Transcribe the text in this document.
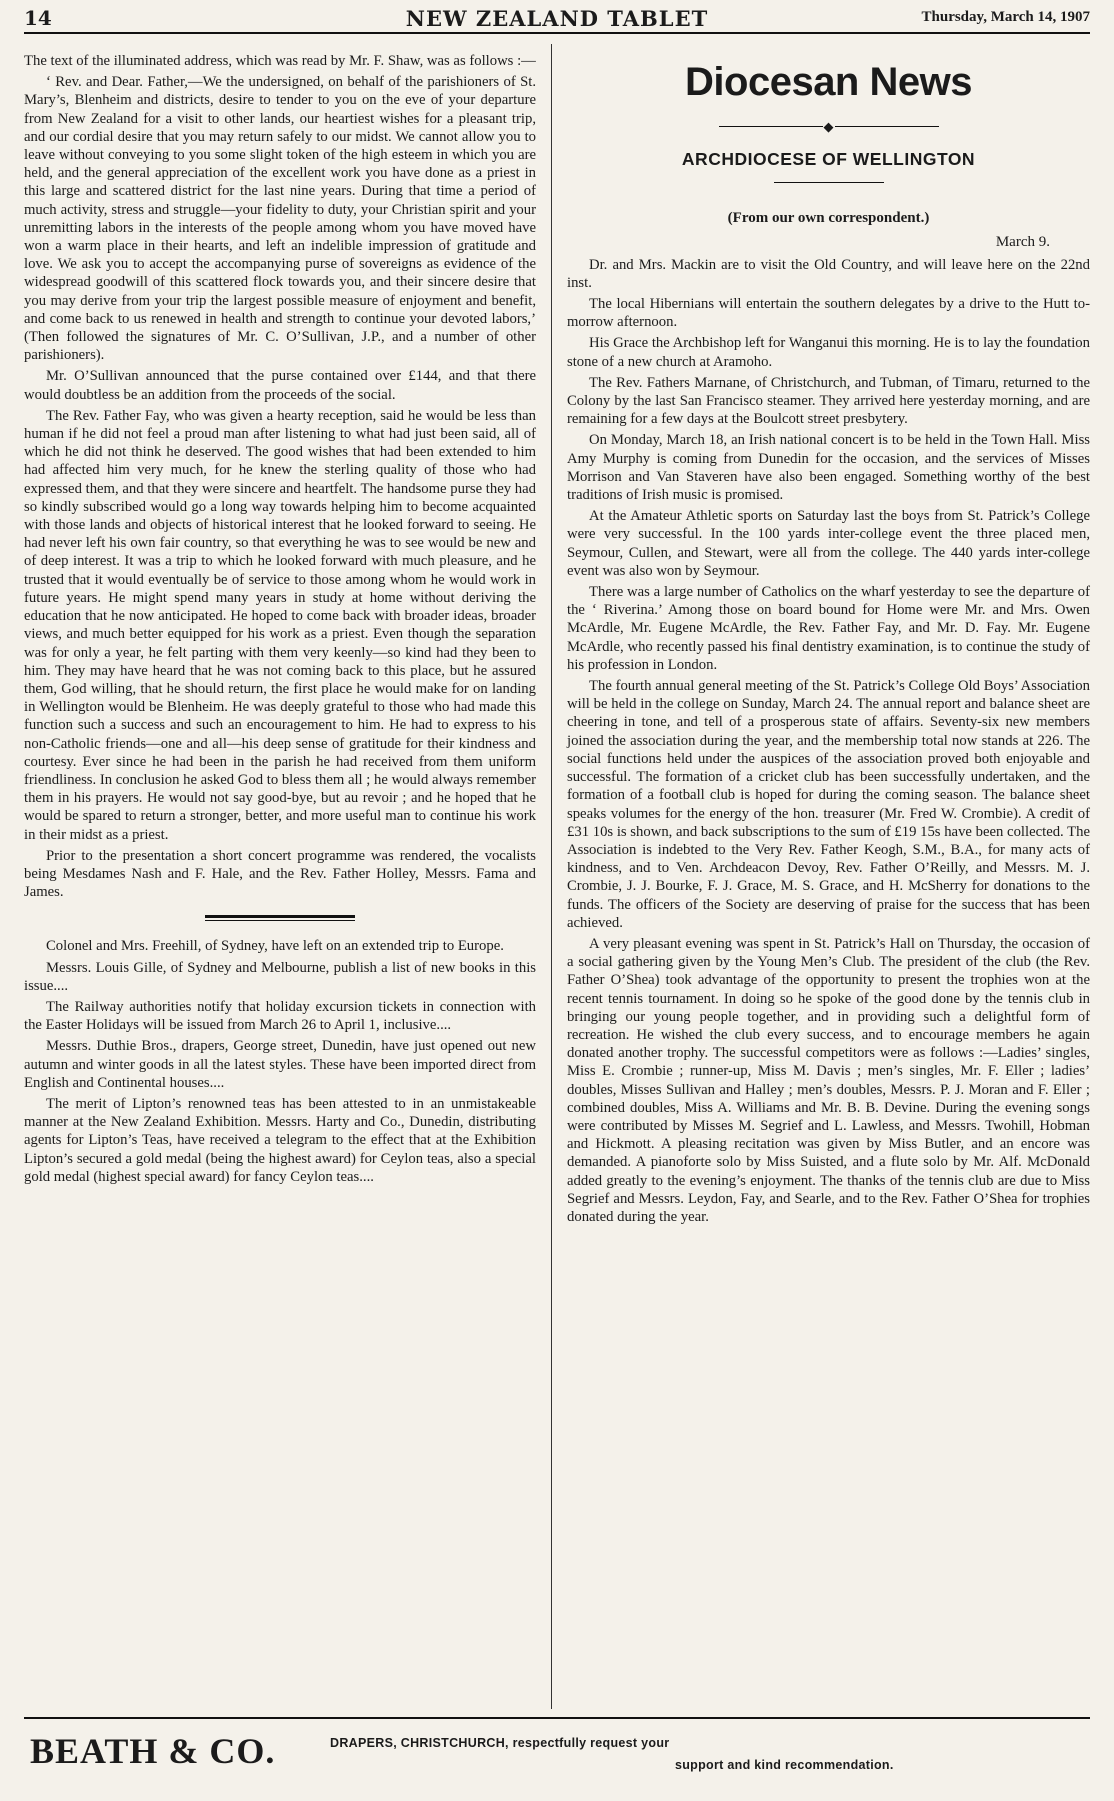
14	NEW ZEALAND TABLET	Thursday, March 14, 1907

The text of the illuminated address, which was read by Mr. F. Shaw, was as follows :—

‘ Rev. and Dear. Father,—We the undersigned, on behalf of the parishioners of St. Mary’s, Blenheim and districts, desire to tender to you on the eve of your departure from New Zealand for a visit to other lands, our heartiest wishes for a pleasant trip, and our cordial desire that you may return safely to our midst. We cannot allow you to leave without conveying to you some slight token of the high esteem in which you are held, and the general appreciation of the excellent work you have done as a priest in this large and scattered district for the last nine years. During that time a period of much activity, stress and struggle—your fidelity to duty, your Christian spirit and your unremitting labors in the interests of the people among whom you have moved have won a warm place in their hearts, and left an indelible impression of gratitude and love. We ask you to accept the accompanying purse of sovereigns as evidence of the widespread goodwill of this scattered flock towards you, and their sincere desire that you may derive from your trip the largest possible measure of enjoyment and benefit, and come back to us renewed in health and strength to continue your devoted labors,’ (Then followed the signatures of Mr. C. O’Sullivan, J.P., and a number of other parishioners).

Mr. O’Sullivan announced that the purse contained over £144, and that there would doubtless be an addition from the proceeds of the social.

The Rev. Father Fay, who was given a hearty reception, said he would be less than human if he did not feel a proud man after listening to what had just been said, all of which he did not think he deserved. The good wishes that had been extended to him had affected him very much, for he knew the sterling quality of those who had expressed them, and that they were sincere and heartfelt. The handsome purse they had so kindly subscribed would go a long way towards helping him to become acquainted with those lands and objects of historical interest that he looked forward to seeing. He had never left his own fair country, so that everything he was to see would be new and of deep interest. It was a trip to which he looked forward with much pleasure, and he trusted that it would eventually be of service to those among whom he would work in future years. He might spend many years in study at home without deriving the education that he now anticipated. He hoped to come back with broader ideas, broader views, and much better equipped for his work as a priest. Even though the separation was for only a year, he felt parting with them very keenly—so kind had they been to him. They may have heard that he was not coming back to this place, but he assured them, God willing, that he should return, the first place he would make for on landing in Wellington would be Blenheim. He was deeply grateful to those who had made this function such a success and such an encouragement to him. He had to express to his non-Catholic friends—one and all—his deep sense of gratitude for their kindness and courtesy. Ever since he had been in the parish he had received from them uniform friendliness. In conclusion he asked God to bless them all ; he would always remember them in his prayers. He would not say good-bye, but au revoir ; and he hoped that he would be spared to return a stronger, better, and more useful man to continue his work in their midst as a priest.

Prior to the presentation a short concert programme was rendered, the vocalists being Mesdames Nash and F. Hale, and the Rev. Father Holley, Messrs. Fama and James.

Colonel and Mrs. Freehill, of Sydney, have left on an extended trip to Europe.

Messrs. Louis Gille, of Sydney and Melbourne, publish a list of new books in this issue....

The Railway authorities notify that holiday excursion tickets in connection with the Easter Holidays will be issued from March 26 to April 1, inclusive....

Messrs. Duthie Bros., drapers, George street, Dunedin, have just opened out new autumn and winter goods in all the latest styles. These have been imported direct from English and Continental houses....

The merit of Lipton’s renowned teas has been attested to in an unmistakeable manner at the New Zealand Exhibition. Messrs. Harty and Co., Dunedin, distributing agents for Lipton’s Teas, have received a telegram to the effect that at the Exhibition Lipton’s secured a gold medal (being the highest award) for Ceylon teas, also a special gold medal (highest special award) for fancy Ceylon teas....

Diocesan News
◆
ARCHDIOCESE OF WELLINGTON
(From our own correspondent.)
March 9.

Dr. and Mrs. Mackin are to visit the Old Country, and will leave here on the 22nd inst.

The local Hibernians will entertain the southern delegates by a drive to the Hutt to-morrow afternoon.

His Grace the Archbishop left for Wanganui this morning. He is to lay the foundation stone of a new church at Aramoho.

The Rev. Fathers Marnane, of Christchurch, and Tubman, of Timaru, returned to the Colony by the last San Francisco steamer. They arrived here yesterday morning, and are remaining for a few days at the Boulcott street presbytery.

On Monday, March 18, an Irish national concert is to be held in the Town Hall. Miss Amy Murphy is coming from Dunedin for the occasion, and the services of Misses Morrison and Van Staveren have also been engaged. Something worthy of the best traditions of Irish music is promised.

At the Amateur Athletic sports on Saturday last the boys from St. Patrick’s College were very successful. In the 100 yards inter-college event the three placed men, Seymour, Cullen, and Stewart, were all from the college. The 440 yards inter-college event was also won by Seymour.

There was a large number of Catholics on the wharf yesterday to see the departure of the ‘ Riverina.’ Among those on board bound for Home were Mr. and Mrs. Owen McArdle, Mr. Eugene McArdle, the Rev. Father Fay, and Mr. D. Fay. Mr. Eugene McArdle, who recently passed his final dentistry examination, is to continue the study of his profession in London.

The fourth annual general meeting of the St. Patrick’s College Old Boys’ Association will be held in the college on Sunday, March 24. The annual report and balance sheet are cheering in tone, and tell of a prosperous state of affairs. Seventy-six new members joined the association during the year, and the membership total now stands at 226. The social functions held under the auspices of the association proved both enjoyable and successful. The formation of a cricket club has been successfully undertaken, and the formation of a football club is hoped for during the coming season. The balance sheet speaks volumes for the energy of the hon. treasurer (Mr. Fred W. Crombie). A credit of £31 10s is shown, and back subscriptions to the sum of £19 15s have been collected. The Association is indebted to the Very Rev. Father Keogh, S.M., B.A., for many acts of kindness, and to Ven. Archdeacon Devoy, Rev. Father O’Reilly, and Messrs. M. J. Crombie, J. J. Bourke, F. J. Grace, M. S. Grace, and H. McSherry for donations to the funds. The officers of the Society are deserving of praise for the success that has been achieved.

A very pleasant evening was spent in St. Patrick’s Hall on Thursday, the occasion of a social gathering given by the Young Men’s Club. The president of the club (the Rev. Father O’Shea) took advantage of the opportunity to present the trophies won at the recent tennis tournament. In doing so he spoke of the good done by the tennis club in bringing our young people together, and in providing such a delightful form of recreation. He wished the club every success, and to encourage members he again donated another trophy. The successful competitors were as follows :—Ladies’ singles, Miss E. Crombie ; runner-up, Miss M. Davis ; men’s singles, Mr. F. Eller ; ladies’ doubles, Misses Sullivan and Halley ; men’s doubles, Messrs. P. J. Moran and F. Eller ; combined doubles, Miss A. Williams and Mr. B. B. Devine. During the evening songs were contributed by Misses M. Segrief and L. Lawless, and Messrs. Twohill, Hobman and Hickmott. A pleasing recitation was given by Miss Butler, and an encore was demanded. A pianoforte solo by Miss Suisted, and a flute solo by Mr. Alf. McDonald added greatly to the evening’s enjoyment. The thanks of the tennis club are due to Miss Segrief and Messrs. Leydon, Fay, and Searle, and to the Rev. Father O’Shea for trophies donated during the year.

BEATH & CO.	DRAPERS, CHRISTCHURCH, respectfully request your
support and kind recommendation.
